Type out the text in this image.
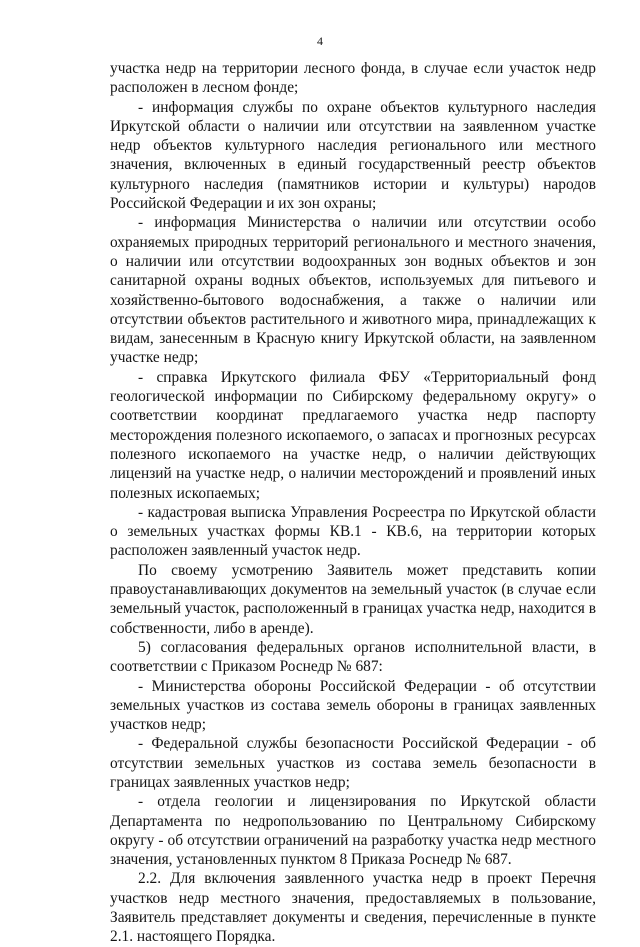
4

участка недр на территории лесного фонда, в случае если участок недр расположен в лесном фонде;

- информация службы по охране объектов культурного наследия Иркутской области о наличии или отсутствии на заявленном участке недр объектов культурного наследия регионального или местного значения, включенных в единый государственный реестр объектов культурного наследия (памятников истории и культуры) народов Российской Федерации и их зон охраны;

- информация Министерства о наличии или отсутствии особо охраняемых природных территорий регионального и местного значения, о наличии или отсутствии водоохранных зон водных объектов и зон санитарной охраны водных объектов, используемых для питьевого и хозяйственно-бытового водоснабжения, а также о наличии или отсутствии объектов растительного и животного мира, принадлежащих к видам, занесенным в Красную книгу Иркутской области, на заявленном участке недр;

- справка Иркутского филиала ФБУ «Территориальный фонд геологической информации по Сибирскому федеральному округу» о соответствии координат предлагаемого участка недр паспорту месторождения полезного ископаемого, о запасах и прогнозных ресурсах полезного ископаемого на участке недр, о наличии действующих лицензий на участке недр, о наличии месторождений и проявлений иных полезных ископаемых;

- кадастровая выписка Управления Росреестра по Иркутской области о земельных участках формы КВ.1 - КВ.6, на территории которых расположен заявленный участок недр.

По своему усмотрению Заявитель может представить копии правоустанавливающих документов на земельный участок (в случае если земельный участок, расположенный в границах участка недр, находится в собственности, либо в аренде).

5) согласования федеральных органов исполнительной власти, в соответствии с Приказом Роснедр № 687:

- Министерства обороны Российской Федерации - об отсутствии земельных участков из состава земель обороны в границах заявленных участков недр;

- Федеральной службы безопасности Российской Федерации - об отсутствии земельных участков из состава земель безопасности в границах заявленных участков недр;

- отдела геологии и лицензирования по Иркутской области Департамента по недропользованию по Центральному Сибирскому округу - об отсутствии ограничений на разработку участка недр местного значения, установленных пунктом 8 Приказа Роснедр № 687.

2.2. Для включения заявленного участка недр в проект Перечня участков недр местного значения, предоставляемых в пользование, Заявитель представляет документы и сведения, перечисленные в пункте 2.1. настоящего Порядка.
